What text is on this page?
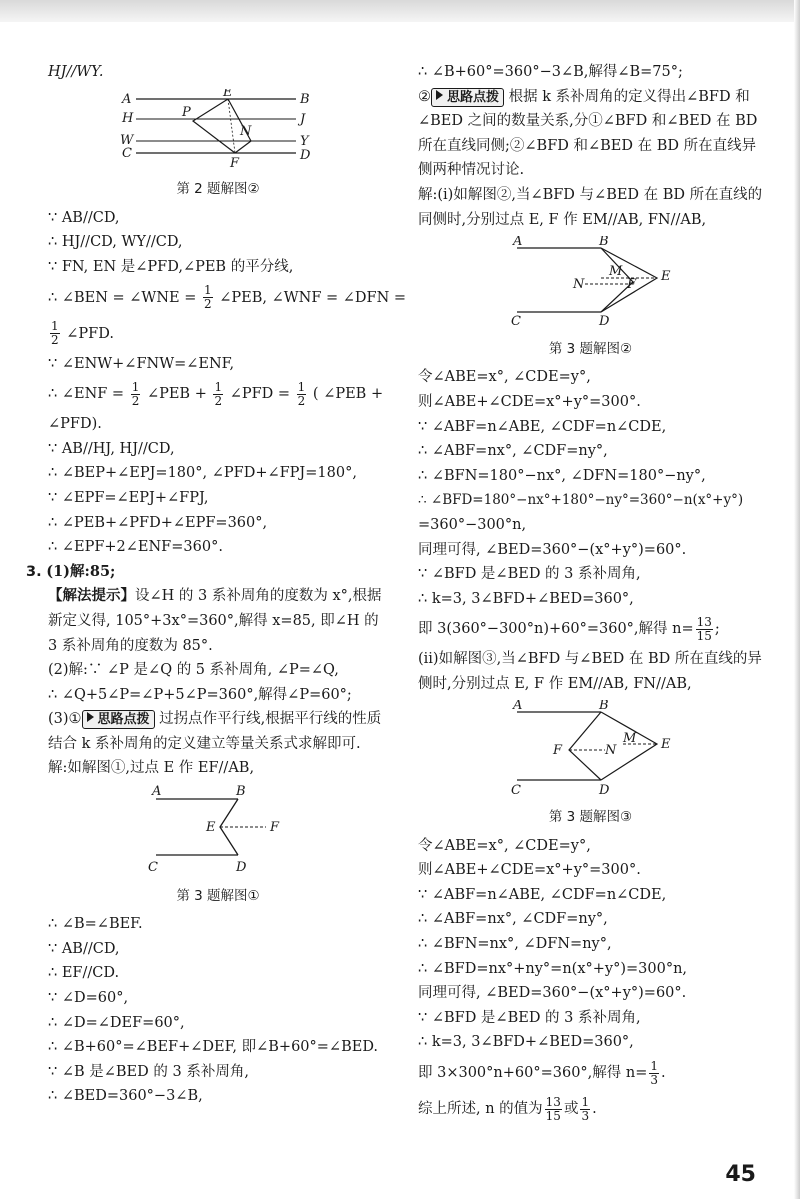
HJ//WY.
A	B
E
H	P	J
W
N
Y
C
F
D
第 2 题解图②
∵ AB//CD,
∴ HJ//CD, WY//CD,
∵ FN, EN 是∠PFD,∠PEB 的平分线,
∴ ∠BEN = ∠WNE = $\frac{1}{2}$ ∠PEB, ∠WNF = ∠DFN =
$\frac{1}{2}$ ∠PFD.
∵ ∠ENW+∠FNW=∠ENF,
∴ ∠ENF = $\frac{1}{2}$ ∠PEB + $\frac{1}{2}$ ∠PFD = $\frac{1}{2}$ ( ∠PEB +
∠PFD).
∵ AB//HJ, HJ//CD,
∴ ∠BEP+∠EPJ=180°, ∠PFD+∠FPJ=180°,
∵ ∠EPF=∠EPJ+∠FPJ,
∴ ∠PEB+∠PFD+∠EPF=360°,
∴ ∠EPF+2∠ENF=360°.
3. (1)解:85;
【解法提示】设∠H 的 3 系补周角的度数为 x°,根据新定义得, 105°+3x°=360°,解得 x=85, 即∠H 的 3 系补周角的度数为 85°.
(2)解:∵ ∠P 是∠Q 的 5 系补周角, ∠P=∠Q,
∴ ∠Q+5∠P=∠P+5∠P=360°,解得∠P=60°;
(3)① 思路点拨 过拐点作平行线,根据平行线的性质结合 k 系补周角的定义建立等量关系式求解即可.
解:如解图①,过点 E 作 EF//AB,
A	B
E	F
C	D
第 3 题解图①
∴ ∠B=∠BEF.
∵ AB//CD,
∴ EF//CD.
∵ ∠D=60°,
∴ ∠D=∠DEF=60°,
∴ ∠B+60°=∠BEF+∠DEF, 即∠B+60°=∠BED.
∵ ∠B 是∠BED 的 3 系补周角,
∴ ∠BED=360°−3∠B,
∴ ∠B+60°=360°−3∠B,解得∠B=75°;
② 思路点拨 根据 k 系补周角的定义得出∠BFD 和∠BED 之间的数量关系,分①∠BFD 和∠BED 在 BD 所在直线同侧;②∠BFD 和∠BED 在 BD 所在直线异侧两种情况讨论.
解:(ⅰ)如解图②,当∠BFD 与∠BED 在 BD 所在直线的同侧时,分别过点 E, F 作 EM//AB, FN//AB,
A	B
M	E
N	F
C	D
第 3 题解图②
令∠ABE=x°, ∠CDE=y°,
则∠ABE+∠CDE=x°+y°=300°.
∵ ∠ABF=n∠ABE, ∠CDF=n∠CDE,
∴ ∠ABF=nx°, ∠CDF=ny°,
∴ ∠BFN=180°−nx°, ∠DFN=180°−ny°,
∴ ∠BFD=180°−nx°+180°−ny°=360°−n(x°+y°)
=360°−300°n,
同理可得, ∠BED=360°−(x°+y°)=60°.
∵ ∠BFD 是∠BED 的 3 系补周角,
∴ k=3, 3∠BFD+∠BED=360°,
即 3(360°−300°n)+60°=360°,解得 $n= \frac{13}{15}$ ;
(ⅱ)如解图③,当∠BFD 与∠BED 在 BD 所在直线的异侧时,分别过点 E, F 作 EM//AB, FN//AB,
A	B
M E
F	N
C	D
第 3 题解图③
令∠ABE=x°, ∠CDE=y°,
则∠ABE+∠CDE=x°+y°=300°.
∵ ∠ABF=n∠ABE, ∠CDF=n∠CDE,
∴ ∠ABF=nx°, ∠CDF=ny°,
∴ ∠BFN=nx°, ∠DFN=ny°,
∴ ∠BFD=nx°+ny°=n(x°+y°)=300°n,
同理可得, ∠BED=360°−(x°+y°)=60°.
∵ ∠BFD 是∠BED 的 3 系补周角,
∴ k=3, 3∠BFD+∠BED=360°,
即 3×300°n+60°=360°,解得 $n= \frac{1}{3}$ .
综上所述, n 的值为 $\frac{13}{15}$ 或 $\frac{1}{3}$ .
45
